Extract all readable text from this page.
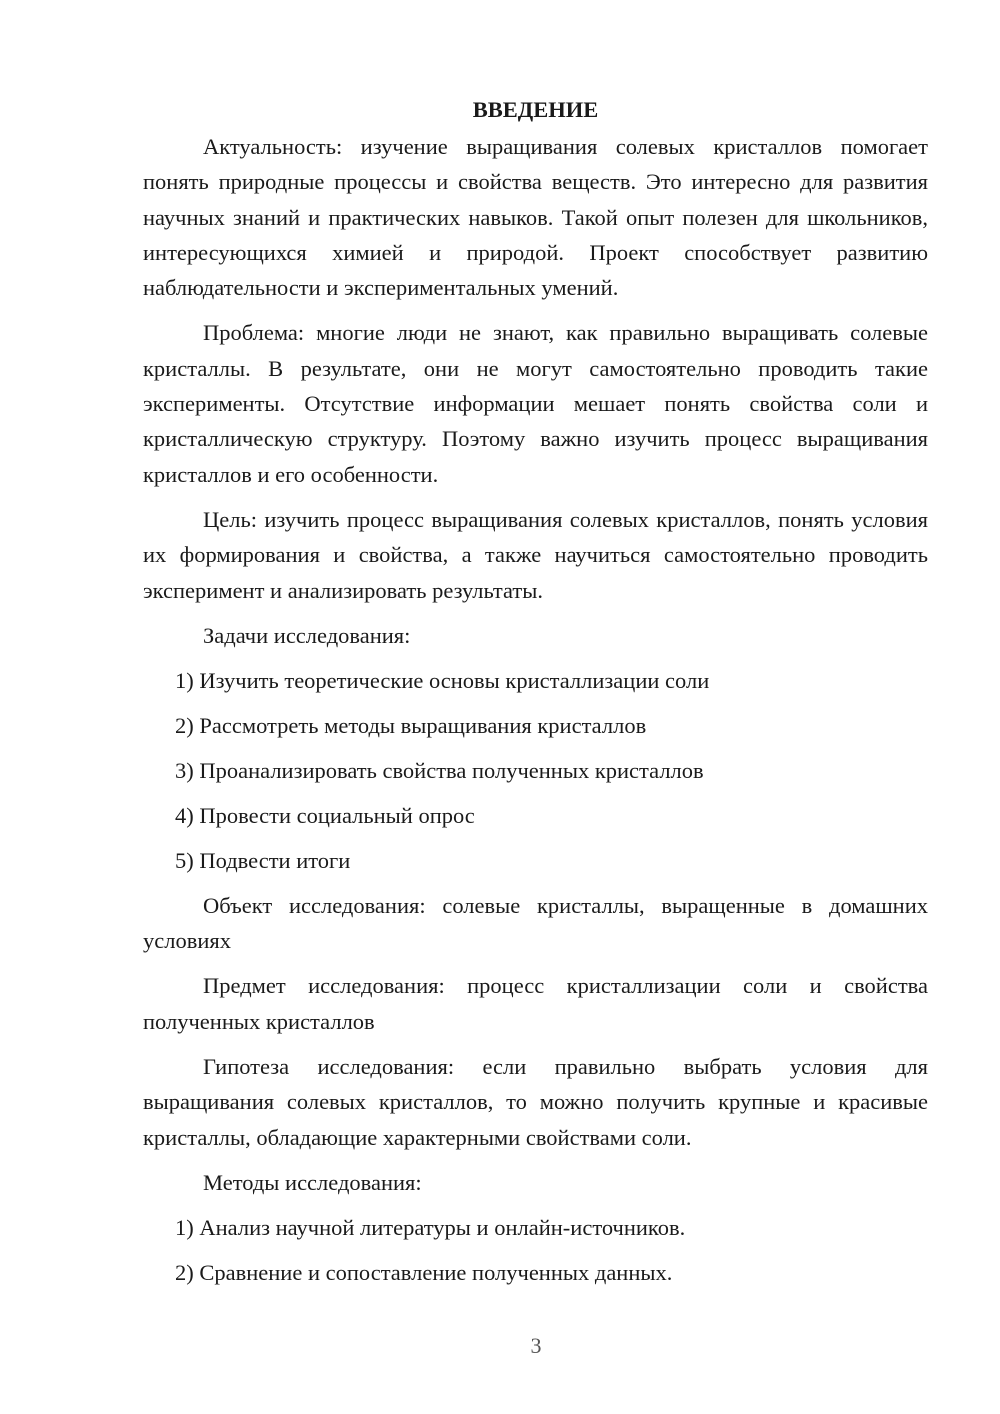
ВВЕДЕНИЕ

Актуальность: изучение выращивания солевых кристаллов помогает понять природные процессы и свойства веществ. Это интересно для развития научных знаний и практических навыков. Такой опыт полезен для школьников, интересующихся химией и природой. Проект способствует развитию наблюдательности и экспериментальных умений.

Проблема: многие люди не знают, как правильно выращивать солевые кристаллы. В результате, они не могут самостоятельно проводить такие эксперименты. Отсутствие информации мешает понять свойства соли и кристаллическую структуру. Поэтому важно изучить процесс выращивания кристаллов и его особенности.

Цель: изучить процесс выращивания солевых кристаллов, понять условия их формирования и свойства, а также научиться самостоятельно проводить эксперимент и анализировать результаты.

Задачи исследования:

1) Изучить теоретические основы кристаллизации соли
2) Рассмотреть методы выращивания кристаллов
3) Проанализировать свойства полученных кристаллов
4) Провести социальный опрос
5) Подвести итоги

Объект исследования: солевые кристаллы, выращенные в домашних условиях

Предмет исследования: процесс кристаллизации соли и свойства полученных кристаллов

Гипотеза исследования: если правильно выбрать условия для выращивания солевых кристаллов, то можно получить крупные и красивые кристаллы, обладающие характерными свойствами соли.

Методы исследования:

1) Анализ научной литературы и онлайн-источников.
2) Сравнение и сопоставление полученных данных.
3
